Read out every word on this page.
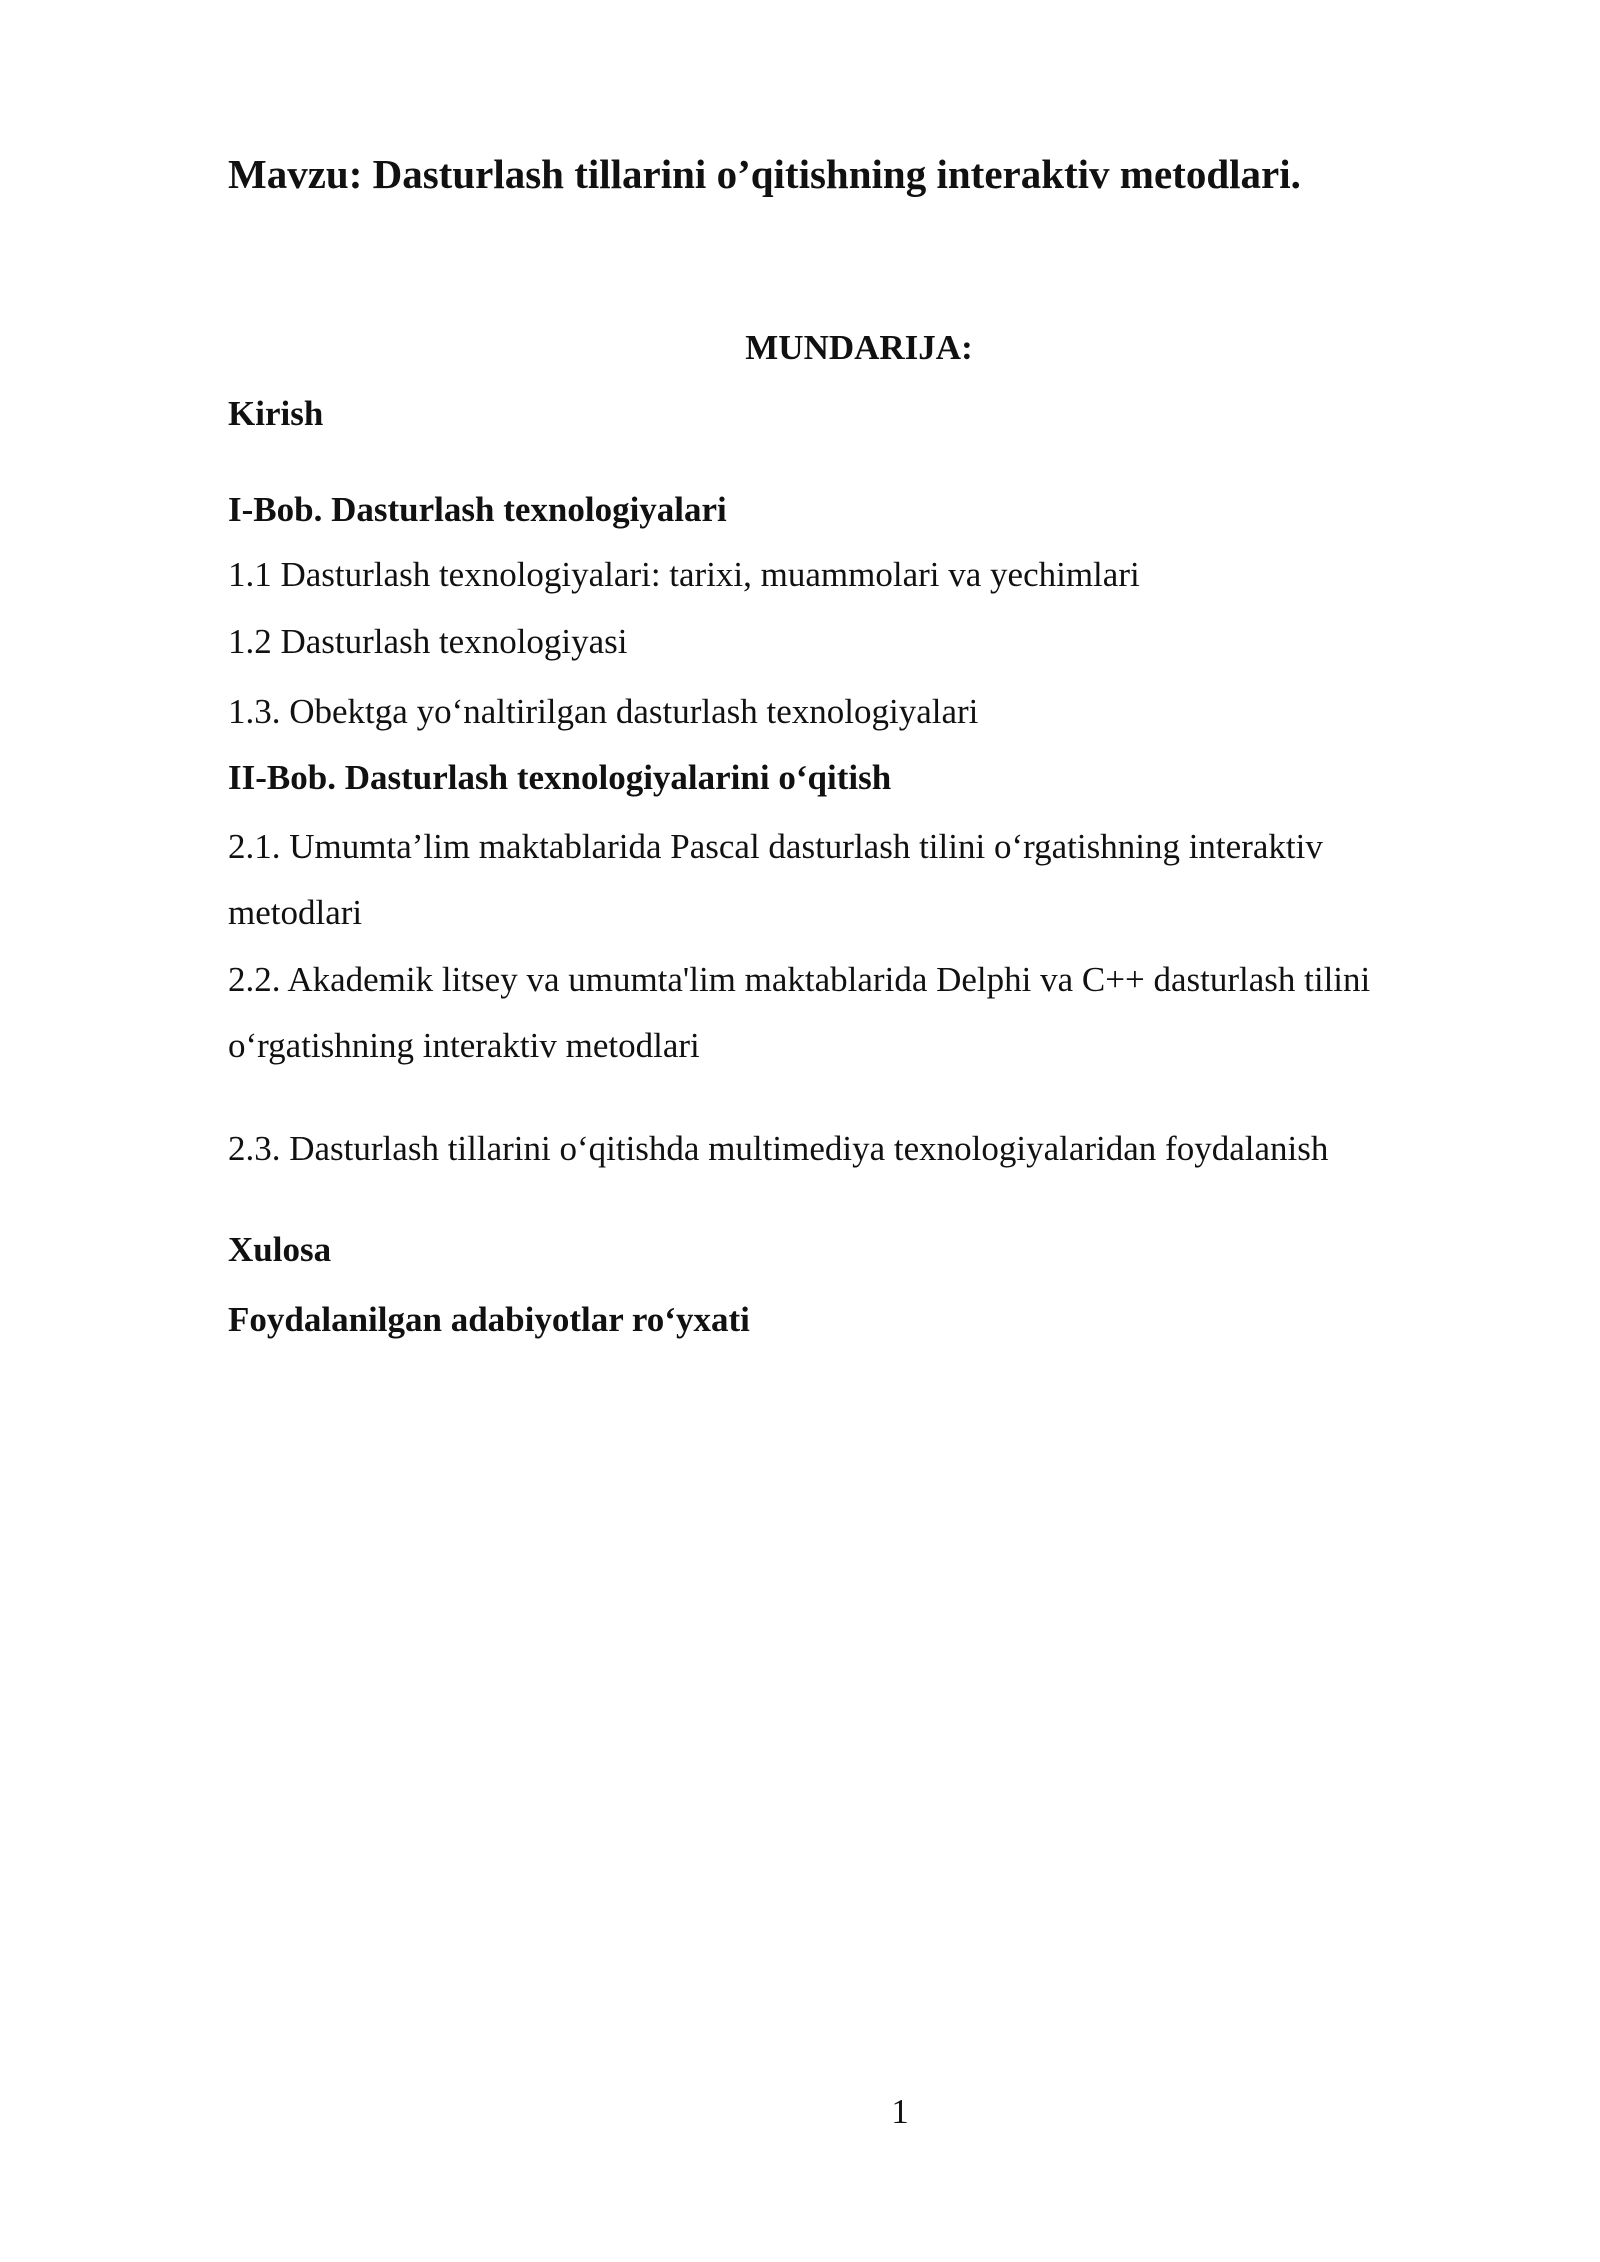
Mavzu: Dasturlash tillarini o’qitishning interaktiv metodlari.
MUNDARIJA:
Kirish
I-Bob. Dasturlash texnologiyalari
1.1 Dasturlash texnologiyalari: tarixi, muammolari va yechimlari
1.2 Dasturlash texnologiyasi
1.3. Obektga yo‘naltirilgan dasturlash texnologiyalari
II-Bob. Dasturlash texnologiyalarini o‘qitish
2.1. Umumta’lim maktablarida Pascal dasturlash tilini o‘rgatishning interaktiv
metodlari
2.2. Akademik litsey va umumta'lim maktablarida Delphi va C++ dasturlash tilini
o‘rgatishning interaktiv metodlari
2.3. Dasturlash tillarini o‘qitishda multimediya texnologiyalaridan foydalanish
Xulosa
Foydalanilgan adabiyotlar ro‘yxati
1
